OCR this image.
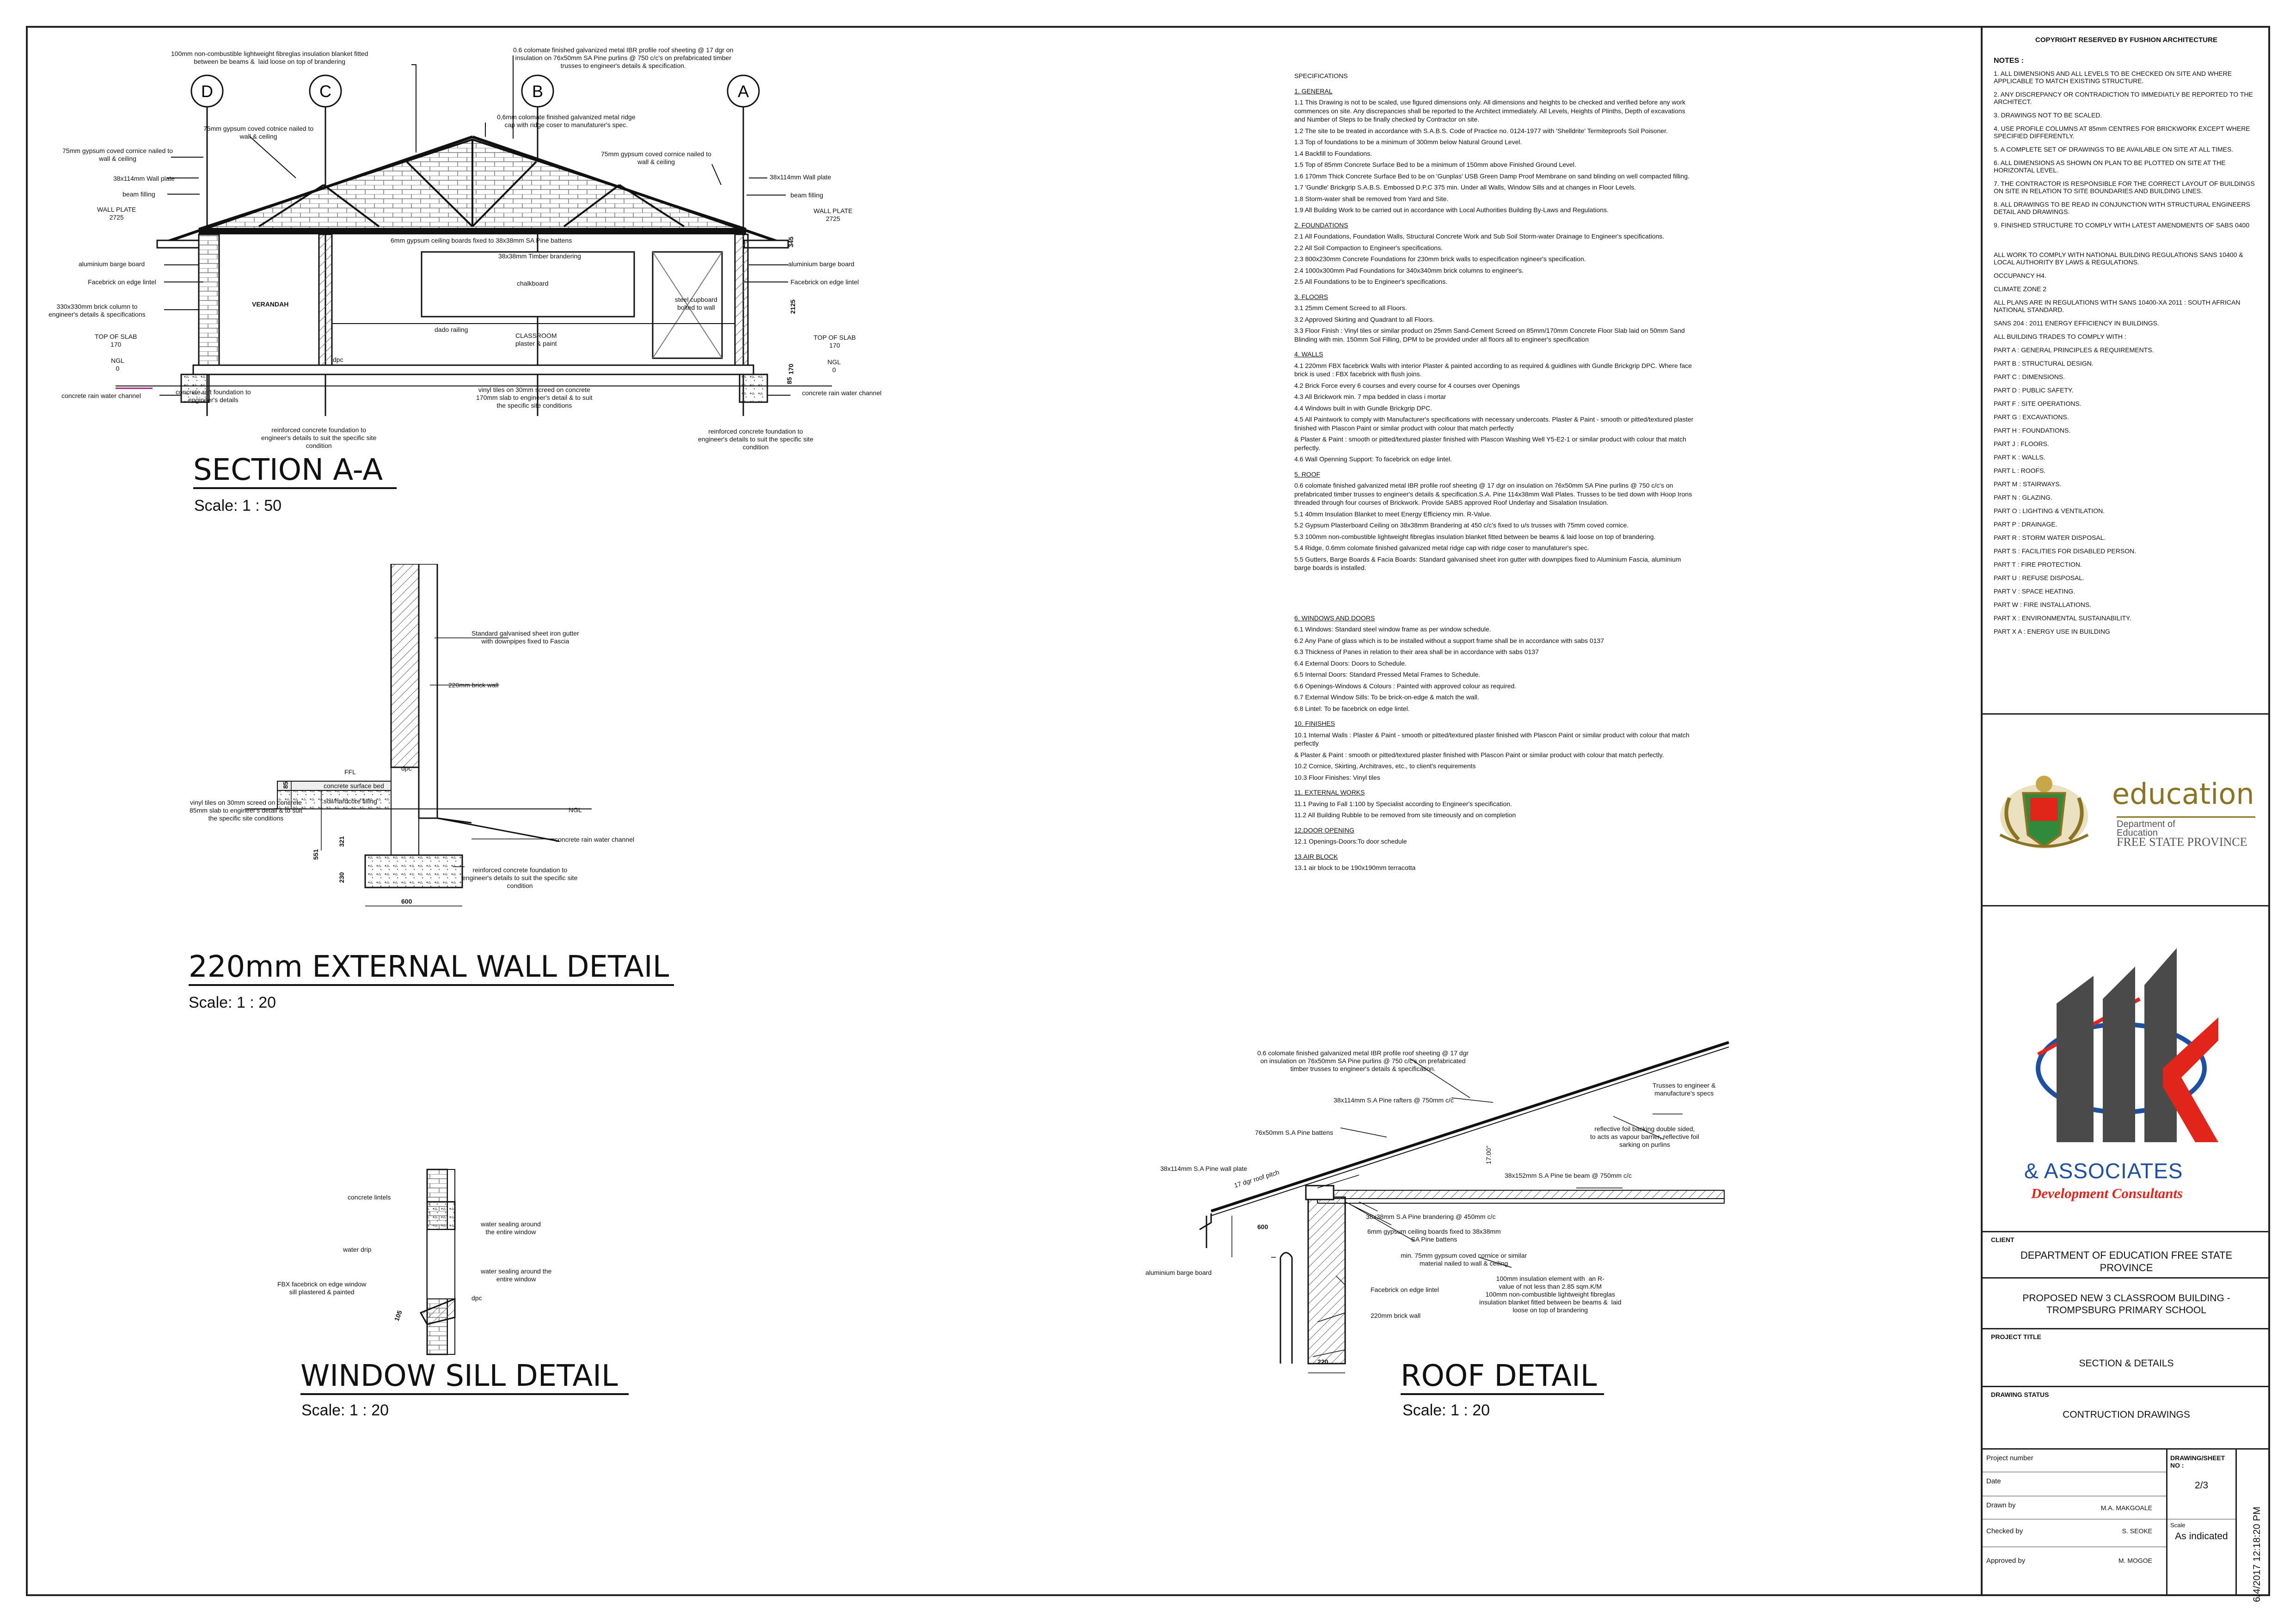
D	C	B	A
100mm non-combustible lightweight fibreglas insulation blanket fitted
between be beams &  laid loose on top of brandering
0.6 colomate finished galvanized metal IBR profile roof sheeting @ 17 dgr on
insulation on 76x50mm SA Pine purlins @ 750 c/c's on prefabricated timber
trusses to engineer's details & specification.
0,6mm colomate finished galvanized metal ridge
cap with ridge coser to manufaturer's spec.
75mm gypsum coved cotnice nailed to
wall & ceiling
75mm gypsum coved cornice nailed to
wall & ceiling
75mm gypsum coved cornice nailed to
wall & ceiling
38x114mm Wall plate	38x114mm Wall plate
beam filling	beam filling
WALL PLATE
2725
WALL PLATE
2725
aluminium barge board	aluminium barge board
Facebrick on edge lintel	Facebrick on edge lintel
330x330mm brick column to
engineer's details & specifications
TOP OF SLAB
170
TOP OF SLAB
170
NGL
0
NGL
0
concrete rain water channel	concrete rain water channel
concrete raft foundation to
engineer's details
reinforced concrete foundation to
engineer's details to suit the specific site
condition
reinforced concrete foundation to
engineer's details to suit the specific site
condition
vinyl tiles on 30mm screed on concrete
170mm slab to engineer's detail & to suit
the specific site conditions
6mm gypsum ceiling boards fixed to 38x38mm SA Pine battens
38x38mm Timber brandering
chalkboard
steel cupboard
bolted to wall
VERANDAH
CLASSROOM
plaster & paint
dado railing
dpc
2125
345
170
85
SECTION A-A
Scale: 1 : 50
Standard galvanised sheet iron gutter
with downpipes fixed to Fascia
220mm brick wall
FFL	dpc
concrete surface bed
soil/hardcore filling
NGL
vinyl tiles on 30mm screed on concrete
85mm slab to engineer's detail & to suit
the specific site conditions
concrete rain water channel
reinforced concrete foundation to
engineer's details to suit the specific site
condition
85
321
551
230
600
220mm EXTERNAL WALL DETAIL
Scale: 1 : 20
concrete lintels
water sealing around
the entire window
water drip
water sealing around the
entire window
FBX facebrick on edge window
sill plastered & painted
dpc
105
WINDOW SILL DETAIL
Scale: 1 : 20
0.6 colomate finished galvanized metal IBR profile roof sheeting @ 17 dgr
on insulation on 76x50mm SA Pine purlins @ 750 c/c's on prefabricated
timber trusses to engineer's details & specification.
38x114mm S.A Pine rafters @ 750mm c/c
76x50mm S.A Pine battens
Trusses to engineer &
manufacture's specs
reflective foil backing double sided,
to acts as vapour barrier, reflective foil
sarking on purlins
38x114mm S.A Pine wall plate
38x152mm S.A Pine tie beam @ 750mm c/c
38x38mm S.A Pine brandering @ 450mm c/c
6mm gypsum ceiling boards fixed to 38x38mm
SA Pine battens
min. 75mm gypsum coved cornice or similar
material nailed to wall & ceiling
100mm insulation element with  an R-
value of not less than 2.85 sqm.K/M
100mm non-combustible lightweight fibreglas
insulation blanket fitted between be beams &  laid
loose on top of brandering
aluminium barge board
Facebrick on edge lintel
220mm brick wall
17 dgr roof pitch
17.00°
600
220 ROOF DETAIL
Scale: 1 : 20

SPECIFICATIONS

1. GENERAL

1.1 This Drawing is not to be scaled, use figured dimensions only. All dimensions and heights to be checked and verified before any work commences on site. Any discrepancies shall be reported to the Architect immediately. All Levels, Heights of Plinths, Depth of excavations and Number of Steps to be finally checked by Contractor on site.

1.2 The site to be treated in accordance with S.A.B.S. Code of Practice no. 0124-1977 with 'Shelldrite' Termiteproofs Soil Poisoner.

1.3 Top of foundations to be a minimum of 300mm below Natural Ground Level.

1.4 Backfill to Foundations.

1.5 Top of 85mm Concrete Surface Bed to be a minimum of 150mm above Finished Ground Level.

1.6 170mm Thick Concrete Surface Bed to be on 'Gunplas' USB Green Damp Proof Membrane on sand blinding on well compacted filling.

1.7 'Gundle' Brickgrip S.A.B.S. Embossed D.P.C 375 min. Under all Walls, Window Sills and at changes in Floor Levels.

1.8 Storm-water shall be removed from Yard and Site.

1.9 All Building Work to be carried out in accordance with Local Authorities Building By-Laws and Regulations.

2. FOUNDATIONS

2.1 All Foundations, Foundation Walls, Structural Concrete Work and Sub Soil Storm-water Drainage to Engineer's specifications.

2.2 All Soil Compaction to Engineer's specifications.

2.3 800x230mm Concrete Foundations for 230mm brick walls to especification ngineer's specification.

2.4 1000x300mm Pad Foundations for 340x340mm brick columns to engineer's.

2.5 All Foundations to be to Engineer's specifications.

3. FLOORS

3.1 25mm Cement Screed to all Floors.

3.2 Approved Skirting and Quadrant to all Floors.

3.3 Floor Finish : Vinyl tiles or similar product on 25mm Sand-Cement Screed on 85mm/170mm Concrete Floor Slab laid on 50mm Sand Blinding with min. 150mm Soil Filling, DPM to be provided under all floors all to engineer's specification

4. WALLS

4.1 220mm FBX facebrick Walls with interior Plaster & painted according to as required & guidlines with Gundle Brickgrip DPC. Where face brick is used : FBX facebrick with flush joins.

4.2 Brick Force every 6 courses and every course for 4 courses over Openings

4.3 All Brickwork min. 7 mpa bedded in class i mortar

4.4 Windows built in with Gundle Brickgrip DPC.

4.5 All Paintwork to comply with Manufacturer's specifications with necessary undercoats. Plaster & Paint - smooth or pitted/textured plaster finished with Plascon Paint or similar product with colour that match perfectly

& Plaster & Paint : smooth or pitted/textured plaster finished with Plascon Washing Well Y5-E2-1 or similar product with colour that match perfectly.

4.6 Wall Openning Support: To facebrick on edge lintel.

5. ROOF

0.6 colomate finished galvanized metal IBR profile roof sheeting @ 17 dgr on insulation on 76x50mm SA Pine purlins @ 750 c/c's on prefabricated timber trusses to engineer's details & specification.S.A. Pine 114x38mm Wall Plates. Trusses to be tied down with Hoop Irons threaded through four courses of Brickwork. Provide SABS approved Roof Underlay and Sisalation Insulation.

5.1 40mm Insulation Blanket to meet Energy Efficiency min. R-Value.

5.2 Gypsum Plasterboard Ceiling on 38x38mm Brandering at 450 c/c's fixed to u/s trusses with 75mm coved cornice.

5.3 100mm non-combustible lightweight fibreglas insulation blanket fitted between be beams & laid loose on top of brandering.

5.4 Ridge, 0.6mm colomate finished galvanized metal ridge cap with ridge coser to manufaturer's spec.

5.5 Gutters, Barge Boards & Facia Boards: Standard galvanised sheet iron gutter with downpipes fixed to Aluminium Fascia, aluminium barge boards is installed.

6. WINDOWS AND DOORS

6.1 Windows: Standard steel window frame as per window schedule.

6.2 Any Pane of glass which is to be installed without a support frame shall be in accordance with sabs 0137

6.3 Thickness of Panes in relation to their area shall be in accordance with sabs 0137

6.4 External Doors: Doors to Schedule.

6.5 Internal Doors: Standard Pressed Metal Frames to Schedule.

6.6 Openings-Windows & Colours : Painted with approved colour as required.

6.7 External Window Sills: To be brick-on-edge & match the wall.

6.8 Lintel: To be facebrick on edge lintel.

10. FINISHES

10.1 Internal Walls : Plaster & Paint - smooth or pitted/textured plaster finished with Plascon Paint or similar product with colour that match perfectly

& Plaster & Paint : smooth or pitted/textured plaster finished with Plascon Paint or similar product with colour that match perfectly.

10.2 Cornice, Skirting, Architraves, etc., to client's requirements

10.3 Floor Finishes: Vinyl tiles

11. EXTERNAL WORKS

11.1 Paving to Fall 1:100 by Specialist according to Engineer's specification.

11.2 All Building Rubble to be removed from site timeously and on completion

12.DOOR OPENING

12.1 Openings-Doors:To door schedule

13.AIR BLOCK

13.1 air block to be 190x190mm terracotta

COPYRIGHT RESERVED BY FUSHION ARCHITECTURE
NOTES :

1. ALL DIMENSIONS AND ALL LEVELS TO BE CHECKED ON SITE AND WHERE APPLICABLE TO MATCH EXISTING STRUCTURE.

2. ANY DISCREPANCY OR CONTRADICTION TO IMMEDIATLY BE REPORTED TO THE ARCHITECT.

3. DRAWINGS NOT TO BE SCALED.

4. USE PROFILE COLUMNS AT 85mm CENTRES FOR BRICKWORK EXCEPT WHERE SPECIFIED DIFFERENTLY.

5. A COMPLETE SET OF DRAWINGS TO BE AVAILABLE ON SITE AT ALL TIMES.

6. ALL DIMENSIONS AS SHOWN ON PLAN TO BE PLOTTED ON SITE AT THE HORIZONTAL LEVEL.

7. THE CONTRACTOR IS RESPONSIBLE FOR THE CORRECT LAYOUT OF BUILDINGS ON SITE IN RELATION TO SITE BOUNDARIES AND BUILDING LINES.

8. ALL DRAWINGS TO BE READ IN CONJUNCTION WITH STRUCTURAL ENGINEERS DETAIL AND DRAWINGS.

9. FINISHED STRUCTURE TO COMPLY WITH LATEST AMENDMENTS OF SABS 0400

ALL WORK TO COMPLY WITH NATIONAL BUILDING REGULATIONS SANS 10400 & LOCAL AUTHORITY BY LAWS & REGULATIONS.

OCCUPANCY H4.

CLIMATE ZONE 2

ALL PLANS ARE IN REGULATIONS WITH SANS 10400-XA 2011 : SOUTH AFRICAN NATIONAL STANDARD.

SANS 204 : 2011 ENERGY EFFICIENCY IN BUILDINGS.

ALL BUILDING TRADES TO COMPLY WITH :

PART A : GENERAL PRINCIPLES & REQUIREMENTS.

PART B : STRUCTURAL DESIGN.

PART C : DIMENSIONS.

PART D : PUBLIC SAFETY.

PART F : SITE OPERATIONS.

PART G : EXCAVATIONS.

PART H : FOUNDATIONS.

PART J : FLOORS.

PART K : WALLS.

PART L : ROOFS.

PART M : STAIRWAYS.

PART N : GLAZING.

PART O : LIGHTING & VENTILATION.

PART P : DRAINAGE.

PART R : STORM WATER DISPOSAL.

PART S : FACILITIES FOR DISABLED PERSON.

PART T : FIRE PROTECTION.

PART U : REFUSE DISPOSAL.

PART V : SPACE HEATING.

PART W : FIRE INSTALLATIONS.

PART X : ENVIRONMENTAL SUSTAINABILITY.

PART X A : ENERGY USE IN BUILDING

education
Department of
Education
FREE STATE PROVINCE
& ASSOCIATES
Development Consultants
CLIENT
DEPARTMENT OF EDUCATION FREE STATE PROVINCE
PROPOSED NEW 3 CLASSROOM BUILDING - TROMPSBURG PRIMARY SCHOOL
PROJECT TITLE
SECTION & DETAILS
DRAWING STATUS
CONTRUCTION DRAWINGS
Project number
Date
Drawn by	M.A. MAKGOALE
Checked by	S. SEOKE
Approved by	M. MOGOE
DRAWING/SHEET NO :
2/3
Scale
As indicated	6/4/2017 12:18:20 PM
